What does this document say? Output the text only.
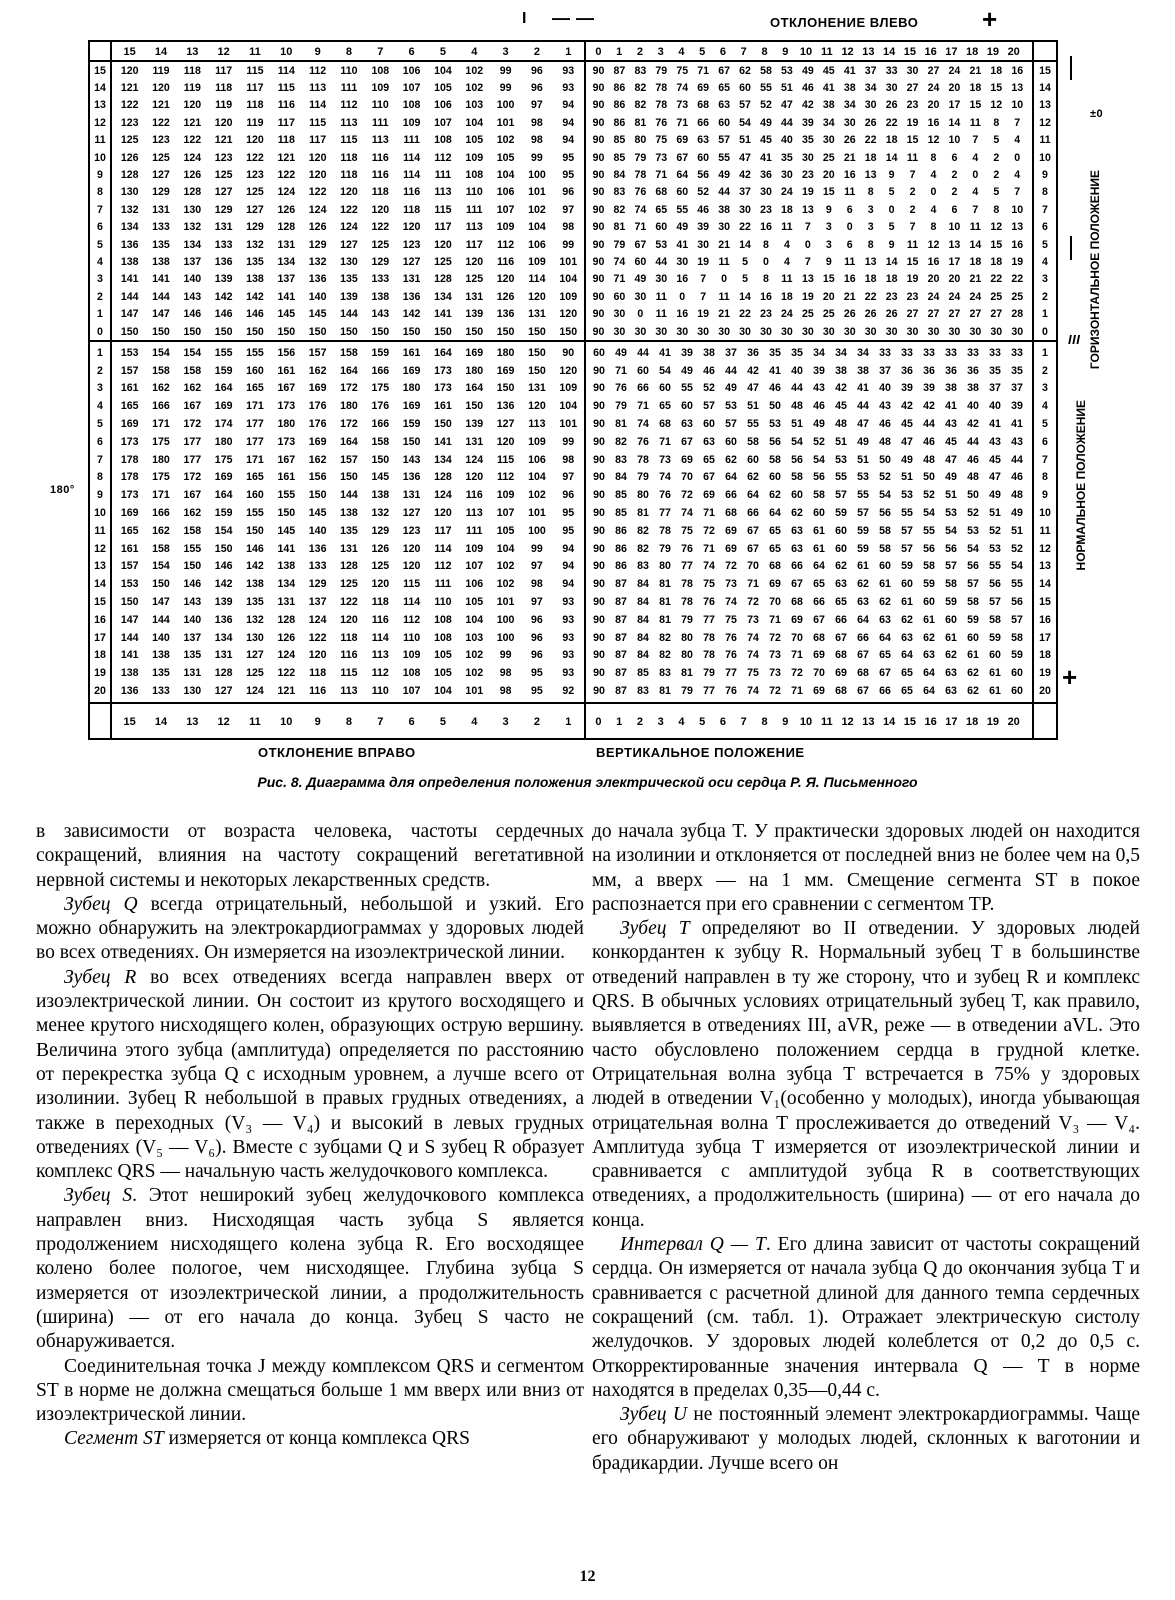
I — —	ОТКЛОНЕНИЕ ВЛЕВО +
±0
III
+
180°
ГОРИЗОНТАЛЬНОЕ ПОЛОЖЕНИЕ
НОРМАЛЬНОЕ ПОЛОЖЕНИЕ
15	14	13	12	11	10	9	8	7	6	5	4	3	2	1	0	1	2	3	4	5	6	7	8	9	10 11 12 13 14 15 16 17 18 19 20
15	120	119	118	117	115	114	112	110	108	106	104	102	99	96	93	90 87 83 79 75 71 67 62 58 53 49 45 41 37 33 30 27 24 21 18 16	15
14	121	120	119	118	117	115	113	111	109	107	105	102	99	96	93	90 86 82 78 74 69 65 60 55 51 46 41 38 34 30 27 24 20 18 15 13	14
13	122	121	120	119	118	116	114	112	110	108	106	103	100	97	94	90 86 82 78 73 68 63 57 52 47 42 38 34 30 26 23 20 17 15 12 10	13
12	123	122	121	120	119	117	115	113	111	109	107	104	101	98	94	90 86 81 76 71 66 60 54 49 44 39 34 30 26 22 19 16 14 11	8	7	12
11	125	123	122	121	120	118	117	115	113	111	108	105	102	98	94	90 85 80 75 69 63 57 51 45 40 35 30 26 22 18 15 12 10	7	5	4	11
10	126	125	124	123	122	121	120	118	116	114	112	109	105	99	95	90 85 79 73 67 60 55 47 41 35 30 25 21 18 14 11	8	6	4	2	0	10
9	128	127	126	125	123	122	120	118	116	114	111	108	104	100	95	90 84 78 71 64 56 49 42 36 30 23 20 16 13	9	7	4	2	0	2	4	9
8	130	129	128	127	125	124	122	120	118	116	113	110	106	101	96	90 83 76 68 60 52 44 37 30 24 19 15 11	8	5	2	0	2	4	5	7	8
7	132	131	130	129	127	126	124	122	120	118	115	111	107	102	97	90 82 74 65 55 46 38 30 23 18 13	9	6	3	0	2	4	6	7	8	10	7
6	134	133	132	131	129	128	126	124	122	120	117	113	109	104	98	90 81 71 60 49 39 30 22 16 11	7	3	0	3	5	7	8	10 11 12 13	6
5	136	135	134	133	132	131	129	127	125	123	120	117	112	106	99	90 79 67 53 41 30 21 14	8	4	0	3	6	8	9	11 12 13 14 15 16	5
4	138	138	137	136	135	134	132	130	129	127	125	120	116	109	101	90 74 60 44 30 19 11	5	0	4	7	9	11 13 14 15 16 17 18 18 19	4
3	141	141	140	139	138	137	136	135	133	131	128	125	120	114	104	90 71 49 30 16	7	0	5	8	11 13 15 16 18 18 19 20 20 21 22 22	3
2	144	144	143	142	142	141	140	139	138	136	134	131	126	120	109	90 60 30 11	0	7	11 14 16 18 19 20 21 22 23 23 24 24 24 25 25	2
1	147	147	146	146	146	145	145	144	143	142	141	139	136	131	120	90 30	0	11 16 19 21 22 23 24 25 25 26 26 26 27 27 27 27 27 28	1
0	150	150	150	150	150	150	150	150	150	150	150	150	150	150	150	90 30 30 30 30 30 30 30 30 30 30 30 30 30 30 30 30 30 30 30 30	0
1	153	154	154	155	155	156	157	158	159	161	164	169	180	150	90	60 49 44 41 39 38 37 36 35 35 34 34 34 33 33 33 33 33 33 33	1
2	157	158	158	159	160	161	162	164	166	169	173	180	169	150	120	90 71 60 54 49 46 44 42 41 40 39 38 38 37 36 36 36 36 35 35	2
3	161	162	162	164	165	167	169	172	175	180	173	164	150	131	109	90 76 66 60 55 52 49 47 46 44 43 42 41 40 39 39 38 38 37 37	3
4	165	166	167	169	171	173	176	180	176	169	161	150	136	120	104	90 79 71 65 60 57 53 51 50 48 46 45 44 43 42 42 41 40 40 39	4
5	169	171	172	174	177	180	176	172	166	159	150	139	127	113	101	90 81 74 68 63 60 57 55 53 51 49 48 47 46 45 44 43 42 41 41	5
6	173	175	177	180	177	173	169	164	158	150	141	131	120	109	99	90 82 76 71 67 63 60 58 56 54 52 51 49 48 47 46 45 44 43 43	6
7	178	180	177	175	171	167	162	157	150	143	134	124	115	106	98	90 83 78 73 69 65 62 60 58 56 54 53 51 50 49 48 47 46 45 44	7
8	178	175	172	169	165	161	156	150	145	136	128	120	112	104	97	90 84 79 74 70 67 64 62 60 58 56 55 53 52 51 50 49 48 47 46	8
9	173	171	167	164	160	155	150	144	138	131	124	116	109	102	96	90 85 80 76 72 69 66 64 62 60 58 57 55 54 53 52 51 50 49 48	9
10	169	166	162	159	155	150	145	138	132	127	120	113	107	101	95	90 85 81 77 74 71 68 66 64 62 60 59 57 56 55 54 53 52 51 49	10
11	165	162	158	154	150	145	140	135	129	123	117	111	105	100	95	90 86 82 78 75 72 69 67 65 63 61 60 59 58 57 55 54 53 52 51	11
12	161	158	155	150	146	141	136	131	126	120	114	109	104	99	94	90 86 82 79 76 71 69 67 65 63 61 60 59 58 57 56 56 54 53 52	12
13	157	154	150	146	142	138	133	128	125	120	112	107	102	97	94	90 86 83 80 77 74 72 70 68 66 64 62 61 60 59 58 57 56 55 54	13
14	153	150	146	142	138	134	129	125	120	115	111	106	102	98	94	90 87 84 81 78 75 73 71 69 67 65 63 62 61 60 59 58 57 56 55	14
15	150	147	143	139	135	131	137	122	118	114	110	105	101	97	93	90 87 84 81 78 76 74 72 70 68 66 65 63 62 61 60 59 58 57 56	15
16	147	144	140	136	132	128	124	120	116	112	108	104	100	96	93	90 87 84 81 79 77 75 73 71 69 67 66 64 63 62 61 60 59 58 57	16
17	144	140	137	134	130	126	122	118	114	110	108	103	100	96	93	90 87 84 82 80 78 76 74 72 70 68 67 66 64 63 62 61 60 59 58	17
18	141	138	135	131	127	124	120	116	113	109	105	102	99	96	93	90 87 84 82 80 78 76 74 73 71 69 68 67 65 64 63 62 61 60 59	18
19	138	135	131	128	125	122	118	115	112	108	105	102	98	95	93	90 87 85 83 81 79 77 75 73 72 70 69 68 67 65 64 63 62 61 60	19
20	136	133	130	127	124	121	116	113	110	107	104	101	98	95	92	90 87 83 81 79 77 76 74 72 71 69 68 67 66 65 64 63 62 61 60	20
15	14	13	12	11	10	9	8	7	6	5	4	3	2	1	0	1	2	3	4	5	6	7	8	9	10 11 12 13 14 15 16 17 18 19 20
ОТКЛОНЕНИЕ ВПРАВО	ВЕРТИКАЛЬНОЕ ПОЛОЖЕНИЕ
Рис. 8. Диаграмма для определения положения электрической оси сердца Р. Я. Письменного

в зависимости от возраста человека, частоты сердечных сокращений, влияния на частоту сокращений вегетативной нервной системы и некоторых лекарственных средств.

Зубец Q всегда отрицательный, небольшой и узкий. Его можно обнаружить на электрокардиограммах у здоровых людей во всех отведениях. Он измеряется на изоэлектрической линии.

Зубец R во всех отведениях всегда направлен вверх от изоэлектрической линии. Он состоит из крутого восходящего и менее крутого нисходящего колен, образующих острую вершину. Величина этого зубца (амплитуда) определяется по расстоянию от перекрестка зубца Q с исходным уровнем, а лучше всего от изолинии. Зубец R небольшой в правых грудных отведениях, а также в переходных (V₃ — V₄) и высокий в левых грудных отведениях (V₅ — V₆). Вместе с зубцами Q и S зубец R образует комплекс QRS — начальную часть желудочкового комплекса.

Зубец S. Этот неширокий зубец желудочкового комплекса направлен вниз. Нисходящая часть зубца S является продолжением нисходящего колена зубца R. Его восходящее колено более пологое, чем нисходящее. Глубина зубца S измеряется от изоэлектрической линии, а продолжительность (ширина) — от его начала до конца. Зубец S часто не обнаруживается.

Соединительная точка J между комплексом QRS и сегментом ST в норме не должна смещаться больше 1 мм вверх или вниз от изоэлектрической линии.

Сегмент ST измеряется от конца комплекса QRS

до начала зубца T. У практически здоровых людей он находится на изолинии и отклоняется от последней вниз не более чем на 0,5 мм, а вверх — на 1 мм. Смещение сегмента ST в покое распознается при его сравнении с сегментом TP.

Зубец T определяют во II отведении. У здоровых людей конкордантен к зубцу R. Нормальный зубец T в большинстве отведений направлен в ту же сторону, что и зубец R и комплекс QRS. В обычных условиях отрицательный зубец T, как правило, выявляется в отведениях III, aVR, реже — в отведении aVL. Это часто обусловлено положением сердца в грудной клетке. Отрицательная волна зубца T встречается в 75% у здоровых людей в отведении V₁(особенно у молодых), иногда убывающая отрицательная волна T прослеживается до отведений V₃ — V₄. Амплитуда зубца T измеряется от изоэлектрической линии и сравнивается с амплитудой зубца R в соответствующих отведениях, а продолжительность (ширина) — от его начала до конца.

Интервал Q — T. Его длина зависит от частоты сокращений сердца. Он измеряется от начала зубца Q до окончания зубца T и сравнивается с расчетной длиной для данного темпа сердечных сокращений (см. табл. 1). Отражает электрическую систолу желудочков. У здоровых людей колеблется от 0,2 до 0,5 с. Откорректированные значения интервала Q — T в норме находятся в пределах 0,35—0,44 с.

Зубец U не постоянный элемент электрокардиограммы. Чаще его обнаруживают у молодых людей, склонных к ваготонии и брадикардии. Лучше всего он

12
